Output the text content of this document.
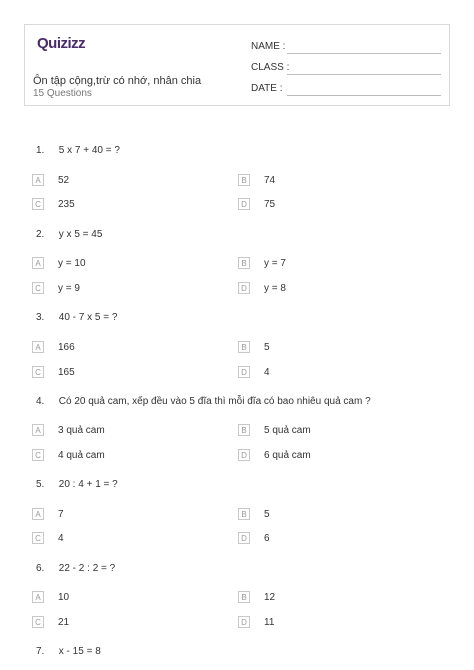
Quizizz
Ôn tập cộng,trừ có nhớ, nhân chia
15 Questions
NAME :
CLASS :
DATE :
1. 5 x 7 + 40 = ?
A	52	B	74
C	235	D	75
2. y x 5 = 45
A	y = 10	B	y = 7
C	y = 9	D	y = 8
3. 40 - 7 x 5 = ?
A	166	B	5
C	165	D	4
4. Có 20 quả cam, xếp đều vào 5 đĩa thì mỗi đĩa có bao nhiêu quả cam ?
A	3 quả cam	B	5 quả cam
C	4 quả cam	D	6 quả cam
5. 20 : 4 + 1 = ?
A	7	B	5
C	4	D	6
6. 22 - 2 : 2 = ?
A	10	B	12
C	21	D	11
7. x - 15 = 8
